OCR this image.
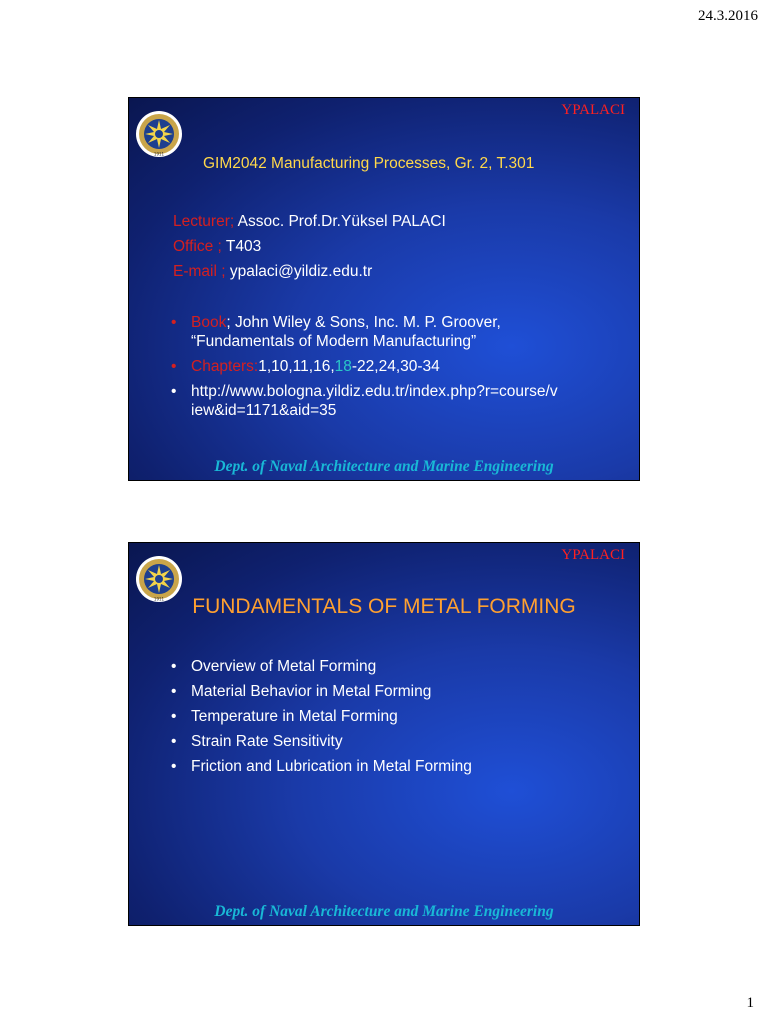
24.3.2016
YPALACI
1911
GIM2042 Manufacturing Processes, Gr. 2, T.301
Lecturer; Assoc. Prof.Dr.Yüksel PALACI
Office ; T403
E-mail ; ypalaci@yildiz.edu.tr
• Book; John Wiley & Sons, Inc. M. P. Groover,
“Fundamentals of Modern Manufacturing”
• Chapters:1,10,11,16,18-22,24,30-34
• http://www.bologna.yildiz.edu.tr/index.php?r=course/v
iew&id=1171&aid=35
Dept. of Naval Architecture and Marine Engineering
YPALACI
1911	FUNDAMENTALS OF METAL FORMING
• Overview of Metal Forming
• Material Behavior in Metal Forming
• Temperature in Metal Forming
• Strain Rate Sensitivity
• Friction and Lubrication in Metal Forming
Dept. of Naval Architecture and Marine Engineering
1
